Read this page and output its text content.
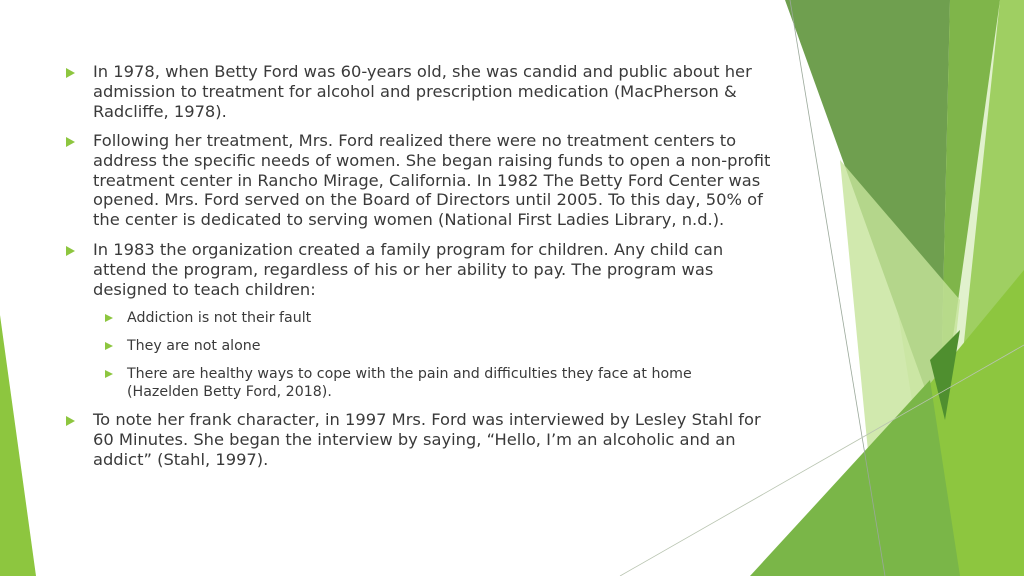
In 1978, when Betty Ford was 60-years old, she was candid and public about her
admission to treatment for alcohol and prescription medication (MacPherson &
Radcliffe, 1978).
Following her treatment, Mrs. Ford realized there were no treatment centers to
address the specific needs of women. She began raising funds to open a non-profit
treatment center in Rancho Mirage, California. In 1982 The Betty Ford Center was
opened. Mrs. Ford served on the Board of Directors until 2005. To this day, 50% of
the center is dedicated to serving women (National First Ladies Library, n.d.).
In 1983 the organization created a family program for children. Any child can
attend the program, regardless of his or her ability to pay. The program was
designed to teach children:
Addiction is not their fault
They are not alone
There are healthy ways to cope with the pain and difficulties they face at home
(Hazelden Betty Ford, 2018).
To note her frank character, in 1997 Mrs. Ford was interviewed by Lesley Stahl for
60 Minutes. She began the interview by saying, “Hello, I’m an alcoholic and an
addict” (Stahl, 1997).
